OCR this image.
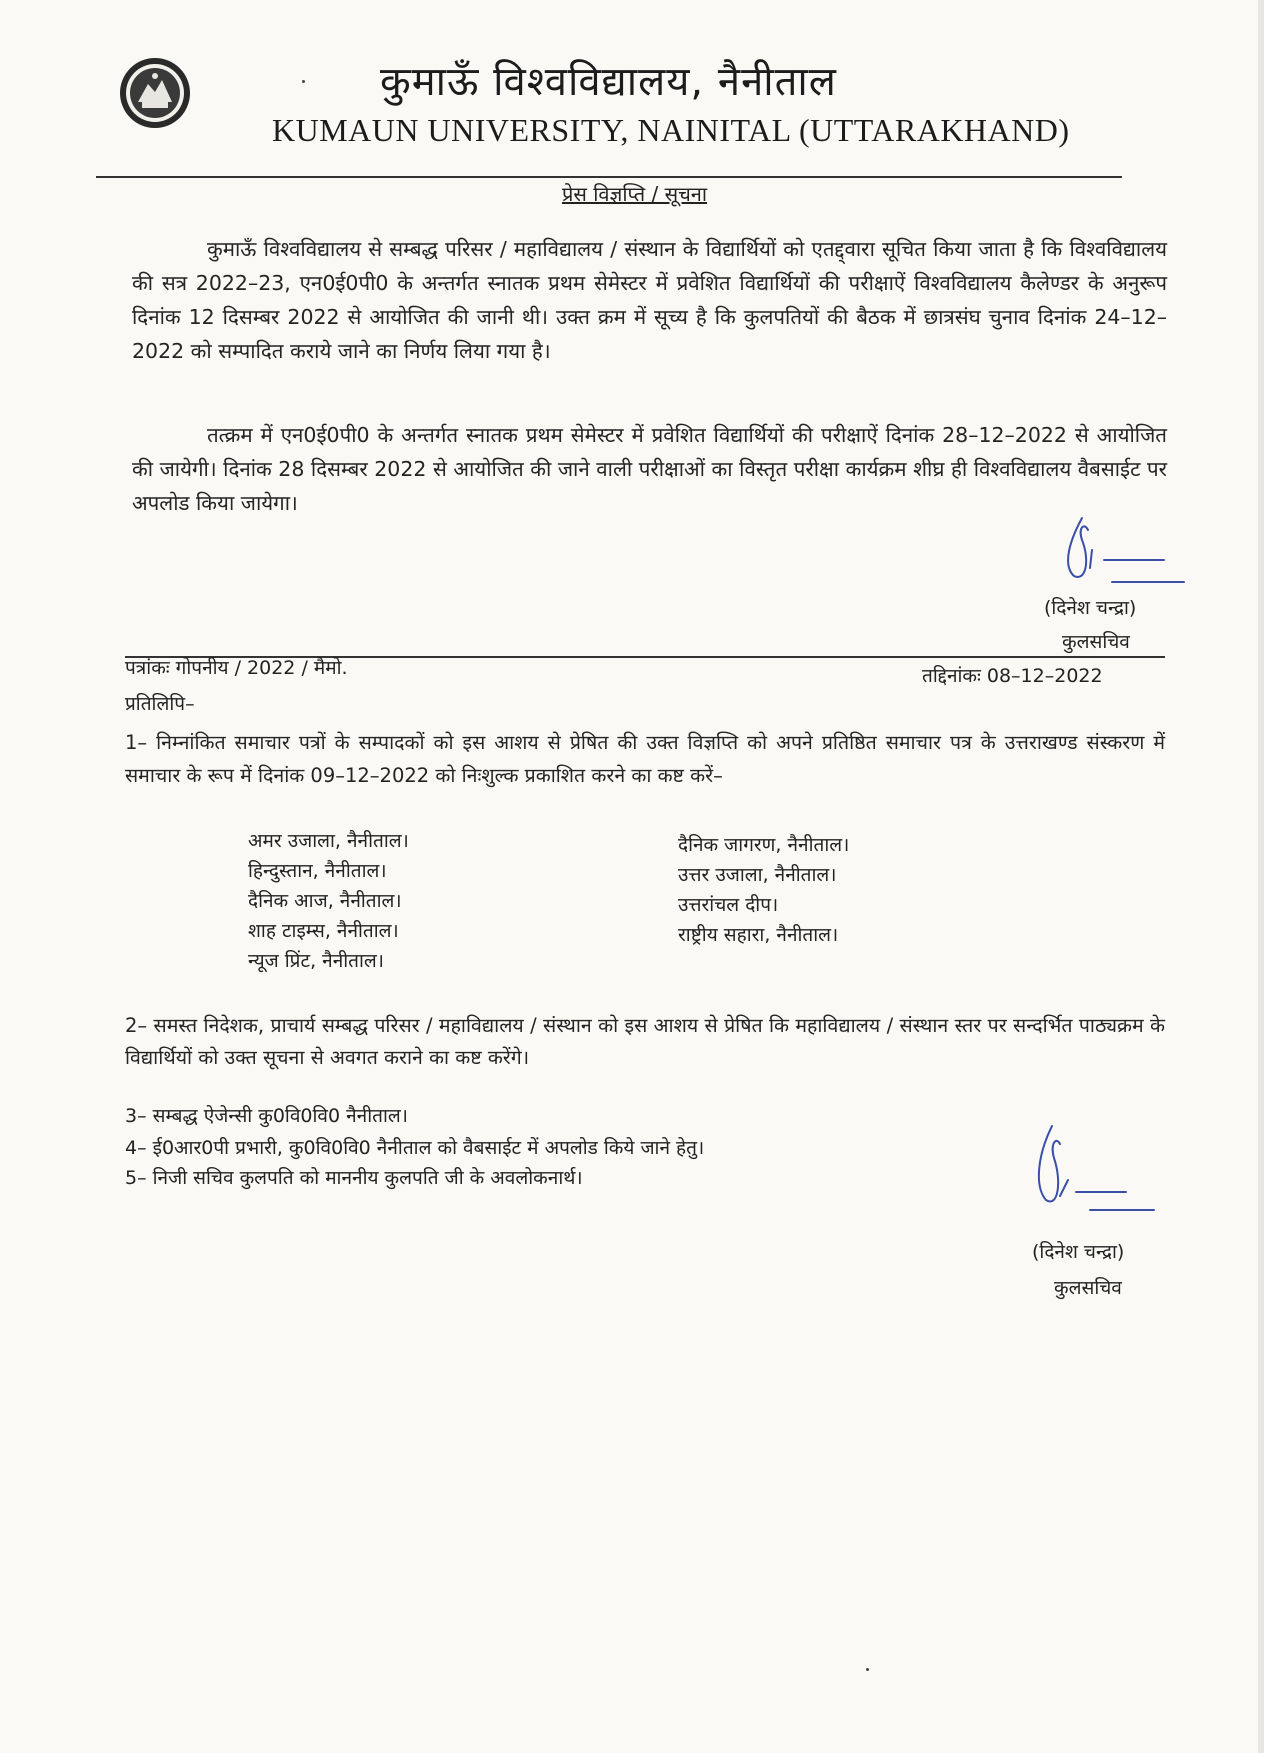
कुमाऊँ विश्वविद्यालय, नैनीताल
KUMAUN UNIVERSITY, NAINITAL (UTTARAKHAND)
प्रेस विज्ञप्ति / सूचना
कुमाऊँ विश्वविद्यालय से सम्बद्ध परिसर / महाविद्यालय / संस्थान के विद्यार्थियों को एतद्द्वारा सूचित किया जाता है कि विश्वविद्यालय की सत्र 2022–23, एन0ई0पी0 के अन्तर्गत स्नातक प्रथम सेमेस्टर में प्रवेशित विद्यार्थियों की परीक्षाऐं विश्वविद्यालय कैलेण्डर के अनुरूप दिनांक 12 दिसम्बर 2022 से आयोजित की जानी थी। उक्त क्रम में सूच्य है कि कुलपतियों की बैठक में छात्रसंघ चुनाव दिनांक 24–12–2022 को सम्पादित कराये जाने का निर्णय लिया गया है।
तत्क्रम में एन0ई0पी0 के अन्तर्गत स्नातक प्रथम सेमेस्टर में प्रवेशित विद्यार्थियों की परीक्षाऐं दिनांक 28–12–2022 से आयोजित की जायेगी। दिनांक 28 दिसम्बर 2022 से आयोजित की जाने वाली परीक्षाओं का विस्तृत परीक्षा कार्यक्रम शीघ्र ही विश्वविद्यालय वैबसाईट पर अपलोड किया जायेगा।
(दिनेश चन्द्रा)
कुलसचिव
पत्रांकः गोपनीय / 2022 / मैमो.	तद्दिनांकः 08–12–2022
प्रतिलिपि–
1– निम्नांकित समाचार पत्रों के सम्पादकों को इस आशय से प्रेषित की उक्त विज्ञप्ति को अपने प्रतिष्ठित समाचार पत्र के उत्तराखण्ड संस्करण में समाचार के रूप में दिनांक 09–12–2022 को निःशुल्क प्रकाशित करने का कष्ट करें–
अमर उजाला, नैनीताल।
हिन्दुस्तान, नैनीताल।
दैनिक आज, नैनीताल।
शाह टाइम्स, नैनीताल।
न्यूज प्रिंट, नैनीताल।
दैनिक जागरण, नैनीताल।
उत्तर उजाला, नैनीताल।
उत्तरांचल दीप।
राष्ट्रीय सहारा, नैनीताल।
2– समस्त निदेशक, प्राचार्य सम्बद्ध परिसर / महाविद्यालय / संस्थान को इस आशय से प्रेषित कि महाविद्यालय / संस्थान स्तर पर सन्दर्भित पाठ्यक्रम के विद्यार्थियों को उक्त सूचना से अवगत कराने का कष्ट करेंगे।
3– सम्बद्ध ऐजेन्सी कु0वि0वि0 नैनीताल।
4– ई0आर0पी प्रभारी, कु0वि0वि0 नैनीताल को वैबसाईट में अपलोड किये जाने हेतु।
5– निजी सचिव कुलपति को माननीय कुलपति जी के अवलोकनार्थ।
(दिनेश चन्द्रा)
कुलसचिव
